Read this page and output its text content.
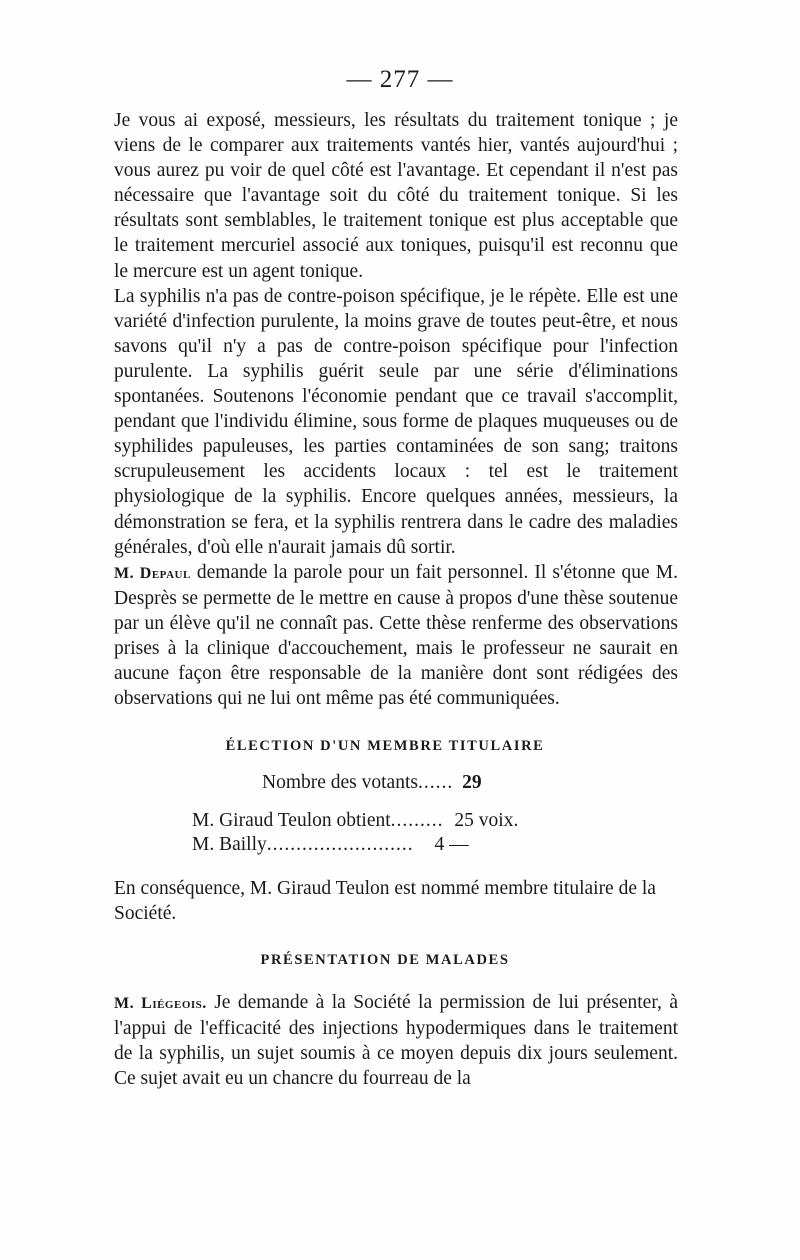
— 277 —

Je vous ai exposé, messieurs, les résultats du traitement tonique ; je viens de le comparer aux traitements vantés hier, vantés aujourd'hui ; vous aurez pu voir de quel côté est l'avantage. Et cependant il n'est pas nécessaire que l'avantage soit du côté du traitement tonique. Si les résultats sont semblables, le traitement tonique est plus acceptable que le traitement mercuriel associé aux toniques, puisqu'il est reconnu que le mercure est un agent tonique.

La syphilis n'a pas de contre-poison spécifique, je le répète. Elle est une variété d'infection purulente, la moins grave de toutes peut-être, et nous savons qu'il n'y a pas de contre-poison spécifique pour l'infection purulente. La syphilis guérit seule par une série d'éliminations spontanées. Soutenons l'économie pendant que ce travail s'accomplit, pendant que l'individu élimine, sous forme de plaques muqueuses ou de syphilides papuleuses, les parties contaminées de son sang; traitons scrupuleusement les accidents locaux : tel est le traitement physiologique de la syphilis. Encore quelques années, messieurs, la démonstration se fera, et la syphilis rentrera dans le cadre des maladies générales, d'où elle n'aurait jamais dû sortir.

M. Depaul demande la parole pour un fait personnel. Il s'étonne que M. Desprès se permette de le mettre en cause à propos d'une thèse soutenue par un élève qu'il ne connaît pas. Cette thèse renferme des observations prises à la clinique d'accouchement, mais le professeur ne saurait en aucune façon être responsable de la manière dont sont rédigées des observations qui ne lui ont même pas été communiquées.

ÉLECTION D'UN MEMBRE TITULAIRE
Nombre des votants...... 29
M. Giraud Teulon obtient......... 25 voix.
M. Bailly......................... 4 —

En conséquence, M. Giraud Teulon est nommé membre titulaire de la Société.

PRÉSENTATION DE MALADES

M. Liégeois. Je demande à la Société la permission de lui présenter, à l'appui de l'efficacité des injections hypodermiques dans le traitement de la syphilis, un sujet soumis à ce moyen depuis dix jours seulement. Ce sujet avait eu un chancre du fourreau de la
